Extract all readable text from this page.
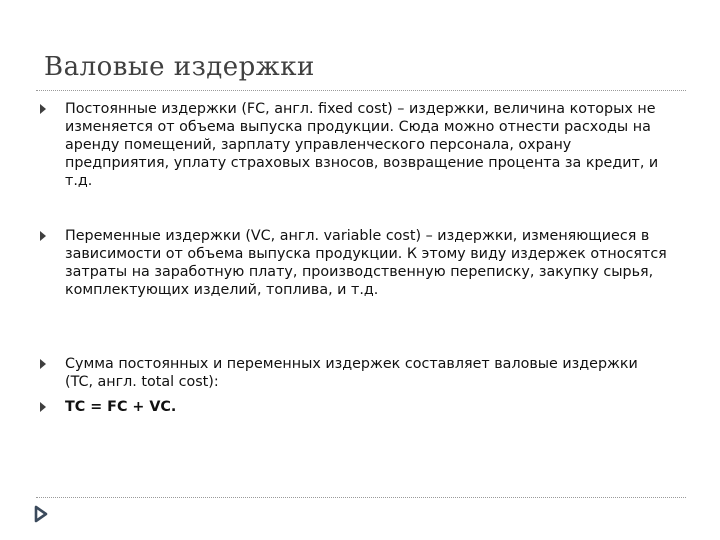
Валовые издержки
Постоянные издержки (FC, англ. fixed cost) – издержки, величина которых не изменяется от объема выпуска продукции. Сюда можно отнести расходы на аренду помещений, зарплату управленческого персонала, охрану предприятия, уплату страховых взносов, возвращение процента за кредит, и т.д.
Переменные издержки (VC, англ. variable cost) – издержки, изменяющиеся в зависимости от объема выпуска продукции. К этому виду издержек относятся затраты на заработную плату, производственную переписку, закупку сырья, комплектующих изделий, топлива, и т.д.
Сумма постоянных и переменных издержек составляет валовые издержки (TC, англ. total cost):
TC = FC + VC.
